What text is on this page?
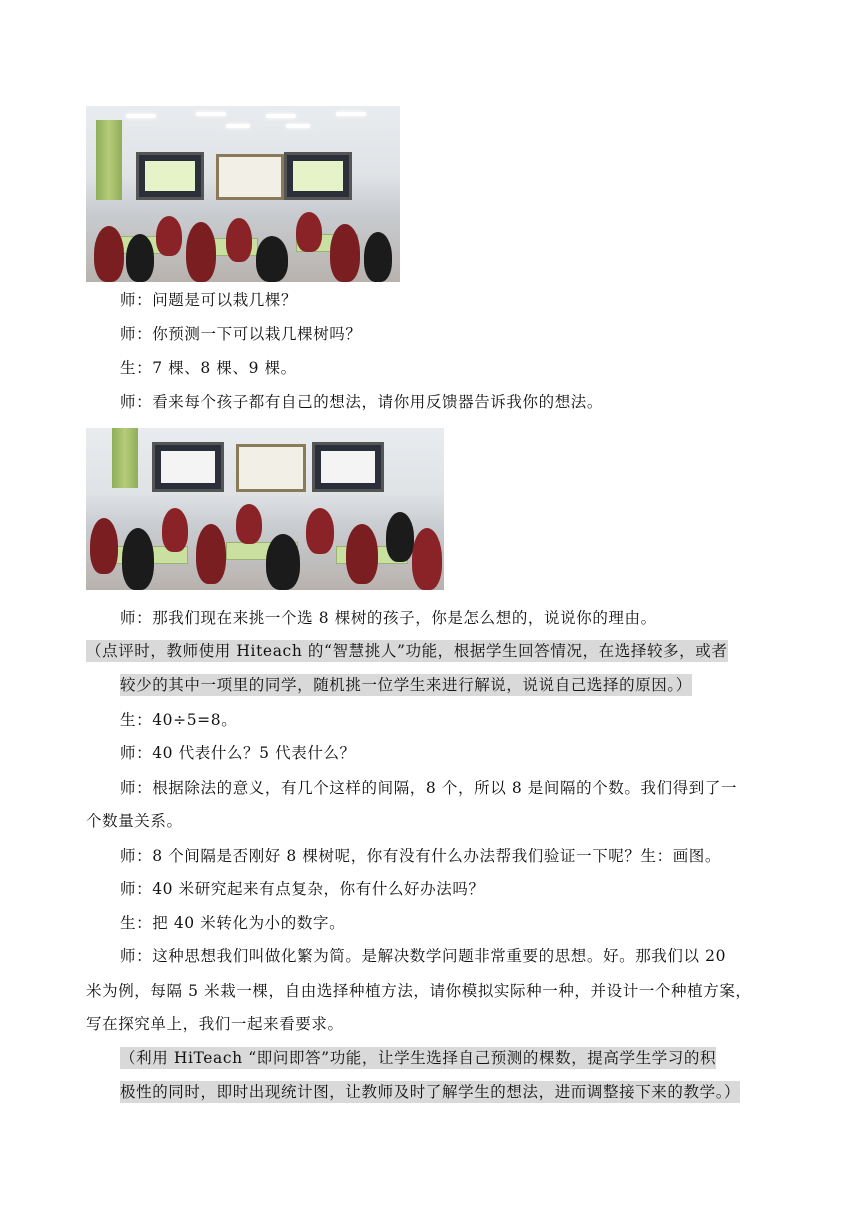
师：问题是可以栽几棵？
师：你预测一下可以栽几棵树吗？
生：7 棵、8 棵、9 棵。
师：看来每个孩子都有自己的想法，请你用反馈器告诉我你的想法。
师：那我们现在来挑一个选 8 棵树的孩子，你是怎么想的，说说你的理由。
（点评时，教师使用 Hiteach 的“智慧挑人”功能，根据学生回答情况，在选择较多，或者
较少的其中一项里的同学，随机挑一位学生来进行解说，说说自己选择的原因。）
生：40÷5=8。
师：40 代表什么？5 代表什么？
师：根据除法的意义，有几个这样的间隔，8 个，所以 8 是间隔的个数。我们得到了一
个数量关系。
师：8 个间隔是否刚好 8 棵树呢，你有没有什么办法帮我们验证一下呢？生：画图。
师：40 米研究起来有点复杂，你有什么好办法吗？
生：把 40 米转化为小的数字。
师：这种思想我们叫做化繁为简。是解决数学问题非常重要的思想。好。那我们以 20
米为例，每隔 5 米栽一棵，自由选择种植方法，请你模拟实际种一种，并设计一个种植方案，
写在探究单上，我们一起来看要求。
（利用 HiTeach “即问即答”功能，让学生选择自己预测的棵数，提高学生学习的积
极性的同时，即时出现统计图，让教师及时了解学生的想法，进而调整接下来的教学。）
